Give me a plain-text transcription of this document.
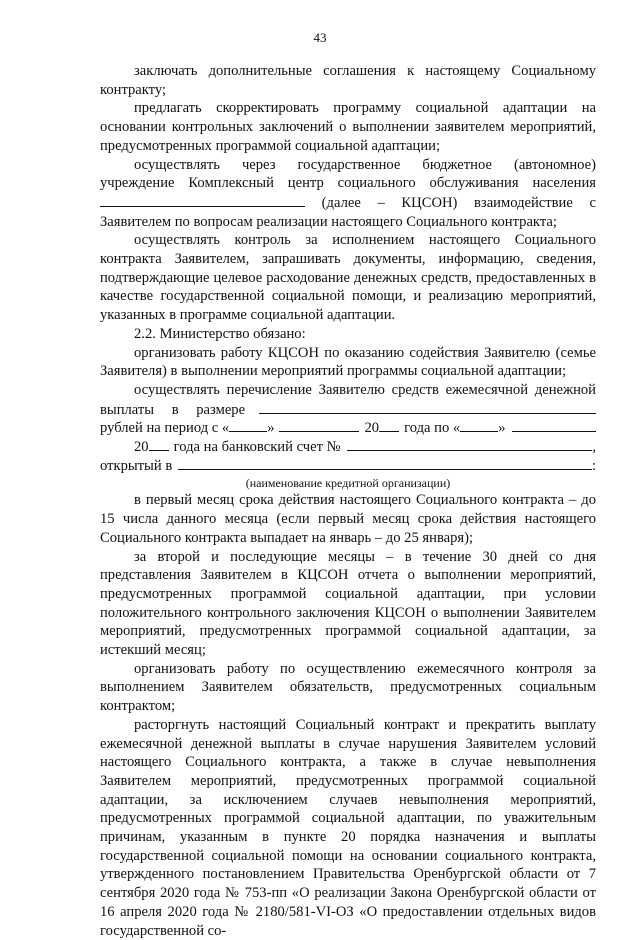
43

заключать дополнительные соглашения к настоящему Социальному контракту;

предлагать скорректировать программу социальной адаптации на основании контрольных заключений о выполнении заявителем мероприятий, предусмотренных программой социальной адаптации;

осуществлять через государственное бюджетное (автономное) учреждение Комплексный центр социального обслуживания населения

(далее – КЦСОН) взаимодействие с Заявителем по вопросам реализации настоящего Социального контракта;

осуществлять контроль за исполнением настоящего Социального контракта Заявителем, запрашивать документы, информацию, сведения, подтверждающие целевое расходование денежных средств, предоставленных в качестве государственной социальной помощи, и реализацию мероприятий, указанных в программе социальной адаптации.

2.2. Министерство обязано:

организовать работу КЦСОН по оказанию содействия Заявителю (семье Заявителя) в выполнении мероприятий программы социальной адаптации;

осуществлять перечисление Заявителю средств ежемесячной денежной

выплаты в размере
рублей на период с «	»	20 года по «	»
20 года на банковский счет №	,
открытый в	:
(наименование кредитной организации)

в первый месяц срока действия настоящего Социального контракта – до 15 числа данного месяца (если первый месяц срока действия настоящего Социального контракта выпадает на январь – до 25 января);

за второй и последующие месяцы – в течение 30 дней со дня представления Заявителем в КЦСОН отчета о выполнении мероприятий, предусмотренных программой социальной адаптации, при условии положительного контрольного заключения КЦСОН о выполнении Заявителем мероприятий, предусмотренных программой социальной адаптации, за истекший месяц;

организовать работу по осуществлению ежемесячного контроля за выполнением Заявителем обязательств, предусмотренных социальным контрактом;

расторгнуть настоящий Социальный контракт и прекратить выплату ежемесячной денежной выплаты в случае нарушения Заявителем условий настоящего Социального контракта, а также в случае невыполнения Заявителем мероприятий, предусмотренных программой социальной адаптации, за исключением случаев невыполнения мероприятий, предусмотренных программой социальной адаптации, по уважительным причинам, указанным в пункте 20 порядка назначения и выплаты государственной социальной помощи на основании социального контракта, утвержденного постановлением Правительства Оренбургской области от 7 сентября 2020 года № 753-пп «О реализации Закона Оренбургской области от 16 апреля 2020 года № 2180/581-VI-ОЗ «О предоставлении отдельных видов государственной со-
